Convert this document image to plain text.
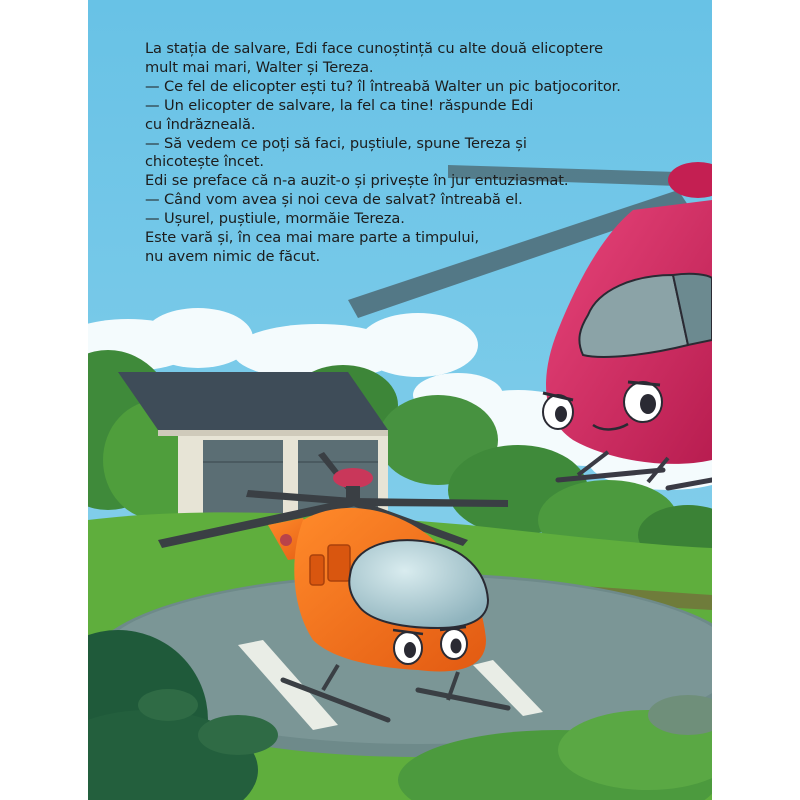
La stația de salvare, Edi face cunoștință cu alte două elicoptere
mult mai mari, Walter și Tereza.
— Ce fel de elicopter ești tu? îl întreabă Walter un pic batjocoritor.
— Un elicopter de salvare, la fel ca tine! răspunde Edi
cu îndrăzneală.
— Să vedem ce poți să faci, puștiule, spune Tereza și
chicotește încet.
Edi se preface că n-a auzit-o și privește în jur entuziasmat.
— Când vom avea și noi ceva de salvat? întreabă el.
— Ușurel, puștiule, mormăie Tereza.
Este vară și, în cea mai mare parte a timpului,
nu avem nimic de făcut.
